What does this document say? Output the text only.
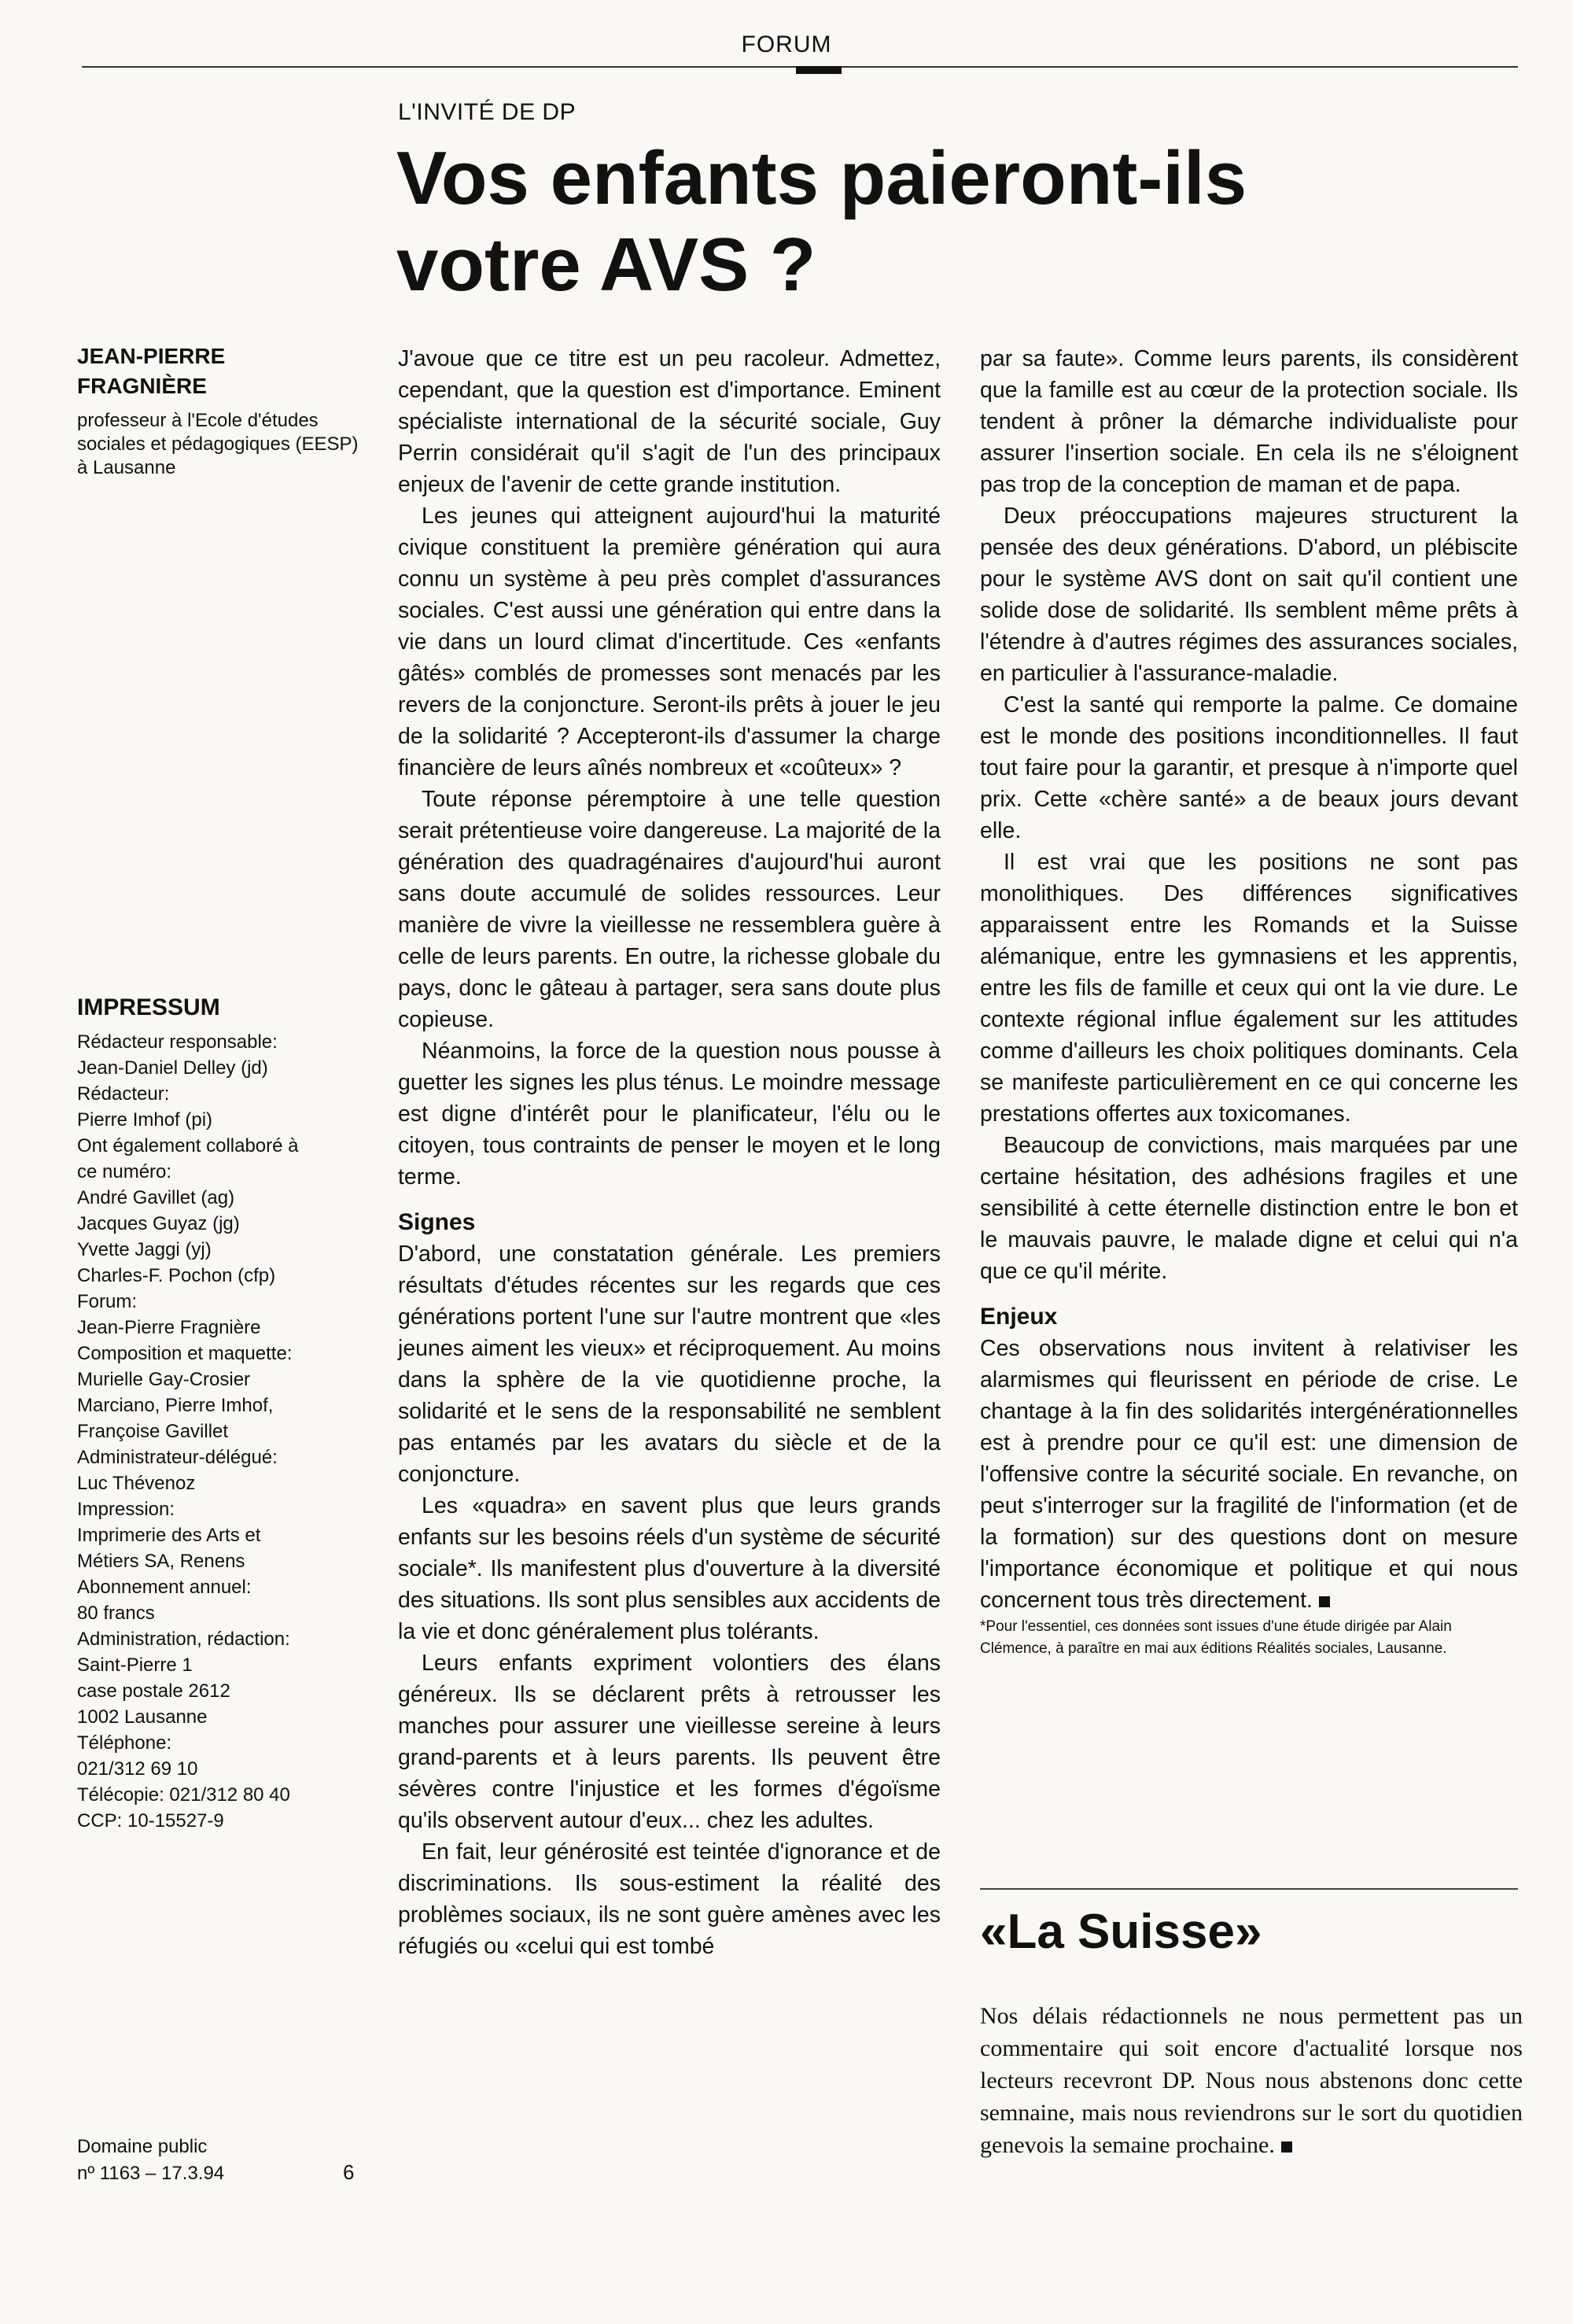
FORUM
L'INVITÉ DE DP
Vos enfants paieront-ils
votre AVS ?

JEAN-PIERRE

FRAGNIÈRE

professeur à l'Ecole d'études sociales et pédagogiques (EESP) à Lausanne

IMPRESSUM

Rédacteur responsable:
Jean-Daniel Delley (jd)
Rédacteur:
Pierre Imhof (pi)
Ont également collaboré à
ce numéro:
André Gavillet (ag)
Jacques Guyaz (jg)
Yvette Jaggi (yj)
Charles-F. Pochon (cfp)
Forum:
Jean-Pierre Fragnière
Composition et maquette:
Murielle Gay-Crosier
Marciano, Pierre Imhof,
Françoise Gavillet
Administrateur-délégué:
Luc Thévenoz
Impression:
Imprimerie des Arts et
Métiers SA, Renens
Abonnement annuel:
80 francs
Administration, rédaction:
Saint-Pierre 1
case postale 2612
1002 Lausanne
Téléphone:
021/312 69 10
Télécopie: 021/312 80 40
CCP: 10-15527-9
Domaine public
nº 1163 – 17.3.94	6

J'avoue que ce titre est un peu racoleur. Admettez, cependant, que la question est d'importance. Eminent spécialiste international de la sécurité sociale, Guy Perrin considérait qu'il s'agit de l'un des principaux enjeux de l'avenir de cette grande institution.

Les jeunes qui atteignent aujourd'hui la maturité civique constituent la première génération qui aura connu un système à peu près complet d'assurances sociales. C'est aussi une génération qui entre dans la vie dans un lourd climat d'incertitude. Ces «enfants gâtés» comblés de promesses sont menacés par les revers de la conjoncture. Seront-ils prêts à jouer le jeu de la solidarité ? Accepteront-ils d'assumer la charge financière de leurs aînés nombreux et «coûteux» ?

Toute réponse péremptoire à une telle question serait prétentieuse voire dangereuse. La majorité de la génération des quadragénaires d'aujourd'hui auront sans doute accumulé de solides ressources. Leur manière de vivre la vieillesse ne ressemblera guère à celle de leurs parents. En outre, la richesse globale du pays, donc le gâteau à partager, sera sans doute plus copieuse.

Néanmoins, la force de la question nous pousse à guetter les signes les plus ténus. Le moindre message est digne d'intérêt pour le planificateur, l'élu ou le citoyen, tous contraints de penser le moyen et le long terme.

Signes

D'abord, une constatation générale. Les premiers résultats d'études récentes sur les regards que ces générations portent l'une sur l'autre montrent que «les jeunes aiment les vieux» et réciproquement. Au moins dans la sphère de la vie quotidienne proche, la solidarité et le sens de la responsabilité ne semblent pas entamés par les avatars du siècle et de la conjoncture.

Les «quadra» en savent plus que leurs grands enfants sur les besoins réels d'un système de sécurité sociale*. Ils manifestent plus d'ouverture à la diversité des situations. Ils sont plus sensibles aux accidents de la vie et donc généralement plus tolérants.

Leurs enfants expriment volontiers des élans généreux. Ils se déclarent prêts à retrousser les manches pour assurer une vieillesse sereine à leurs grand-parents et à leurs parents. Ils peuvent être sévères contre l'injustice et les formes d'égoïsme qu'ils observent autour d'eux... chez les adultes.

En fait, leur générosité est teintée d'ignorance et de discriminations. Ils sous-estiment la réalité des problèmes sociaux, ils ne sont guère amènes avec les réfugiés ou «celui qui est tombé

par sa faute». Comme leurs parents, ils considèrent que la famille est au cœur de la protection sociale. Ils tendent à prôner la démarche individualiste pour assurer l'insertion sociale. En cela ils ne s'éloignent pas trop de la conception de maman et de papa.

Deux préoccupations majeures structurent la pensée des deux générations. D'abord, un plébiscite pour le système AVS dont on sait qu'il contient une solide dose de solidarité. Ils semblent même prêts à l'étendre à d'autres régimes des assurances sociales, en particulier à l'assurance-maladie.

C'est la santé qui remporte la palme. Ce domaine est le monde des positions inconditionnelles. Il faut tout faire pour la garantir, et presque à n'importe quel prix. Cette «chère santé» a de beaux jours devant elle.

Il est vrai que les positions ne sont pas monolithiques. Des différences significatives apparaissent entre les Romands et la Suisse alémanique, entre les gymnasiens et les apprentis, entre les fils de famille et ceux qui ont la vie dure. Le contexte régional influe également sur les attitudes comme d'ailleurs les choix politiques dominants. Cela se manifeste particulièrement en ce qui concerne les prestations offertes aux toxicomanes.

Beaucoup de convictions, mais marquées par une certaine hésitation, des adhésions fragiles et une sensibilité à cette éternelle distinction entre le bon et le mauvais pauvre, le malade digne et celui qui n'a que ce qu'il mérite.

Enjeux

Ces observations nous invitent à relativiser les alarmismes qui fleurissent en période de crise. Le chantage à la fin des solidarités intergénérationnelles est à prendre pour ce qu'il est: une dimension de l'offensive contre la sécurité sociale. En revanche, on peut s'interroger sur la fragilité de l'information (et de la formation) sur des questions dont on mesure l'importance économique et politique et qui nous concernent tous très directement.

*Pour l'essentiel, ces données sont issues d'une étude dirigée par Alain Clémence, à paraître en mai aux éditions Réalités sociales, Lausanne.

«La Suisse»

Nos délais rédactionnels ne nous permettent pas un commentaire qui soit encore d'actualité lorsque nos lecteurs recevront DP. Nous nous abstenons donc cette semnaine, mais nous reviendrons sur le sort du quotidien genevois la semaine prochaine.
